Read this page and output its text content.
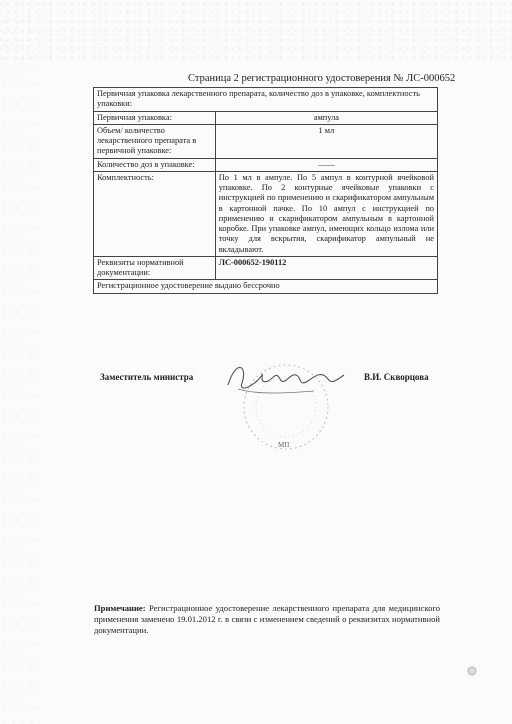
Страница 2 регистрационного удостоверения № ЛС-000652
Первичная упаковка лекарственного препарата, количество доз в упаковке, комплектность упаковки:	
Первичная упаковка:	ампула
Объем/ количество лекарственного препарата в первичной упаковке:	1 мл
Количество доз в упаковке:	——
Комплектность:	По 1 мл в ампуле. По 5 ампул в контурной ячейковой упаковке. По 2 контурные ячейковые упаковки с инструкцией по применению и скарификатором ампульным в картонной пачке. По 10 ампул с инструкцией по применению и скарификатором ампульным в картонной коробке. При упаковке ампул, имеющих кольцо излома или точку для вскрытия, скарификатор ампульный не вкладывают.
Реквизиты нормативной документации:	ЛС-000652-190112
Регистрационное удостоверение выдано бессрочно	
МП
Заместитель министра	В.И. Скворцова
Примечание: Регистрационное удостоверение лекарственного препарата для медицинского применения заменено 19.01.2012 г. в связи с изменением сведений о реквизитах нормативной документации.
